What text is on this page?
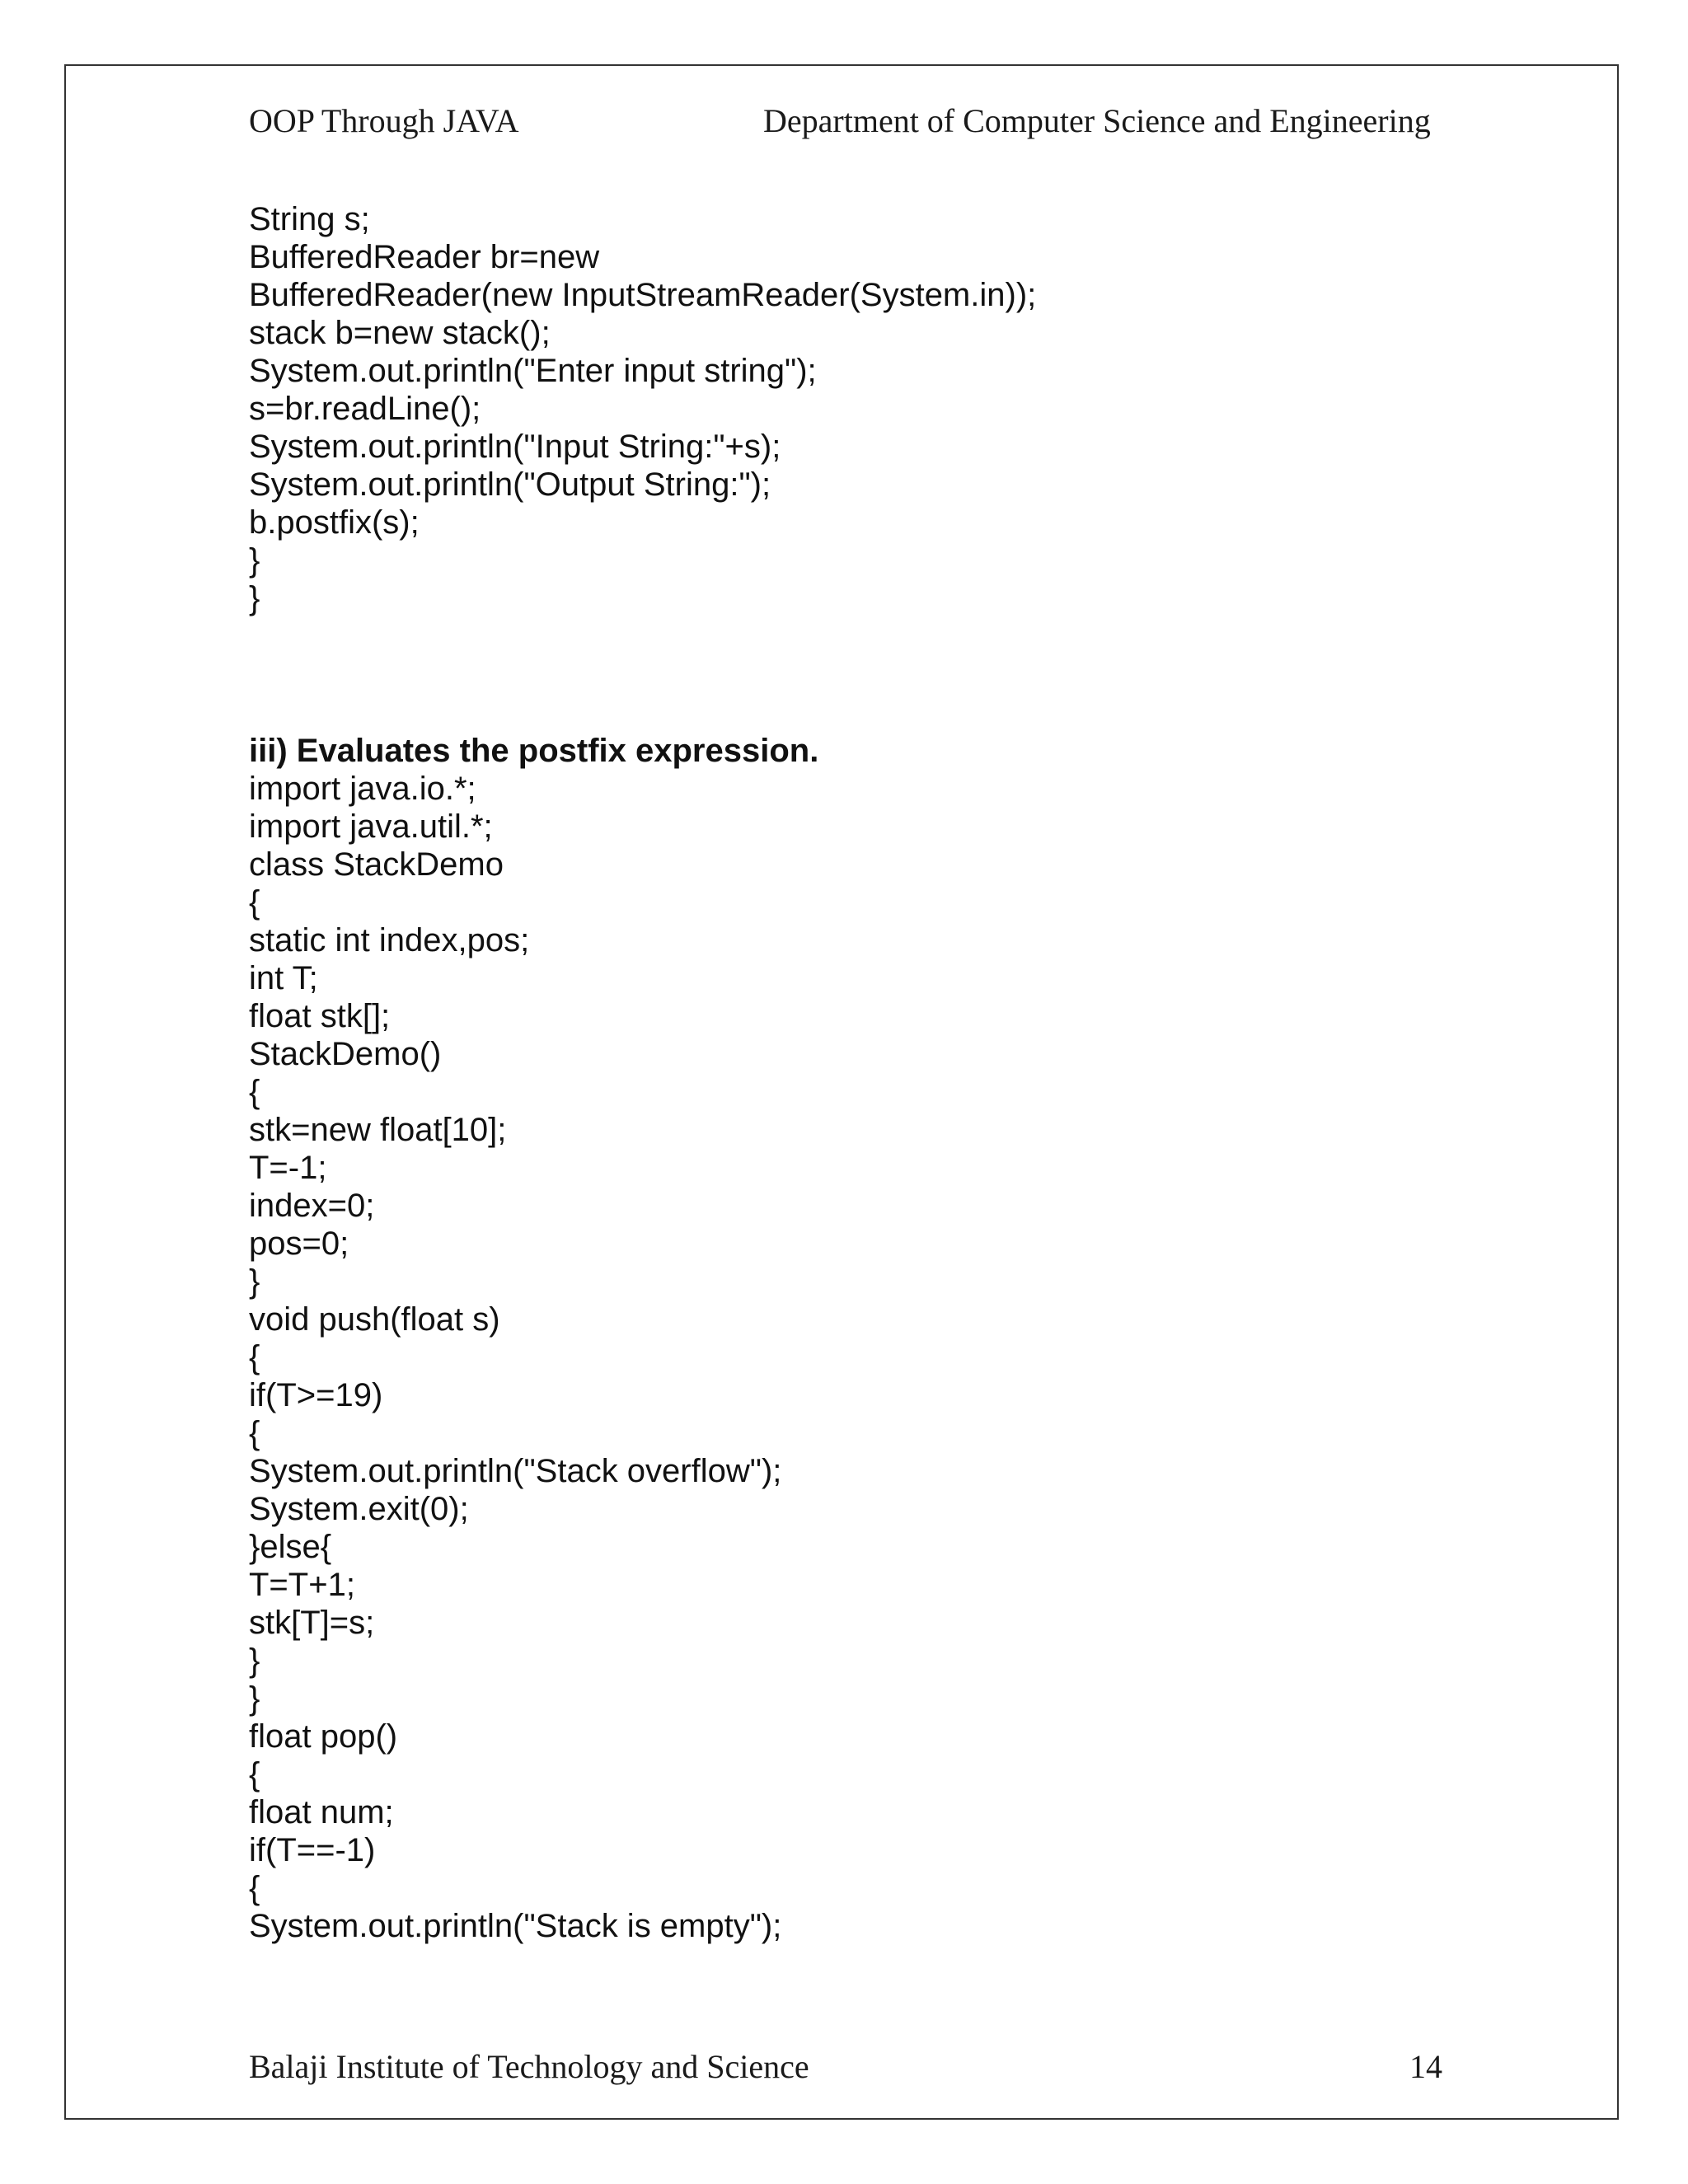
OOP Through JAVA	Department of Computer Science and Engineering
String s;
BufferedReader br=new
BufferedReader(new InputStreamReader(System.in));
stack b=new stack();
System.out.println("Enter input string");
s=br.readLine();
System.out.println("Input String:"+s);
System.out.println("Output String:");
b.postfix(s);
}
}
iii) Evaluates the postfix expression.
import java.io.*;
import java.util.*;
class StackDemo
{
static int index,pos;
int T;
float stk[];
StackDemo()
{
stk=new float[10];
T=-1;
index=0;
pos=0;
}
void push(float s)
{
if(T>=19)
{
System.out.println("Stack overflow");
System.exit(0);
}else{
T=T+1;
stk[T]=s;
}
}
float pop()
{
float num;
if(T==-1)
{
System.out.println("Stack is empty");
Balaji Institute of Technology and Science	14
